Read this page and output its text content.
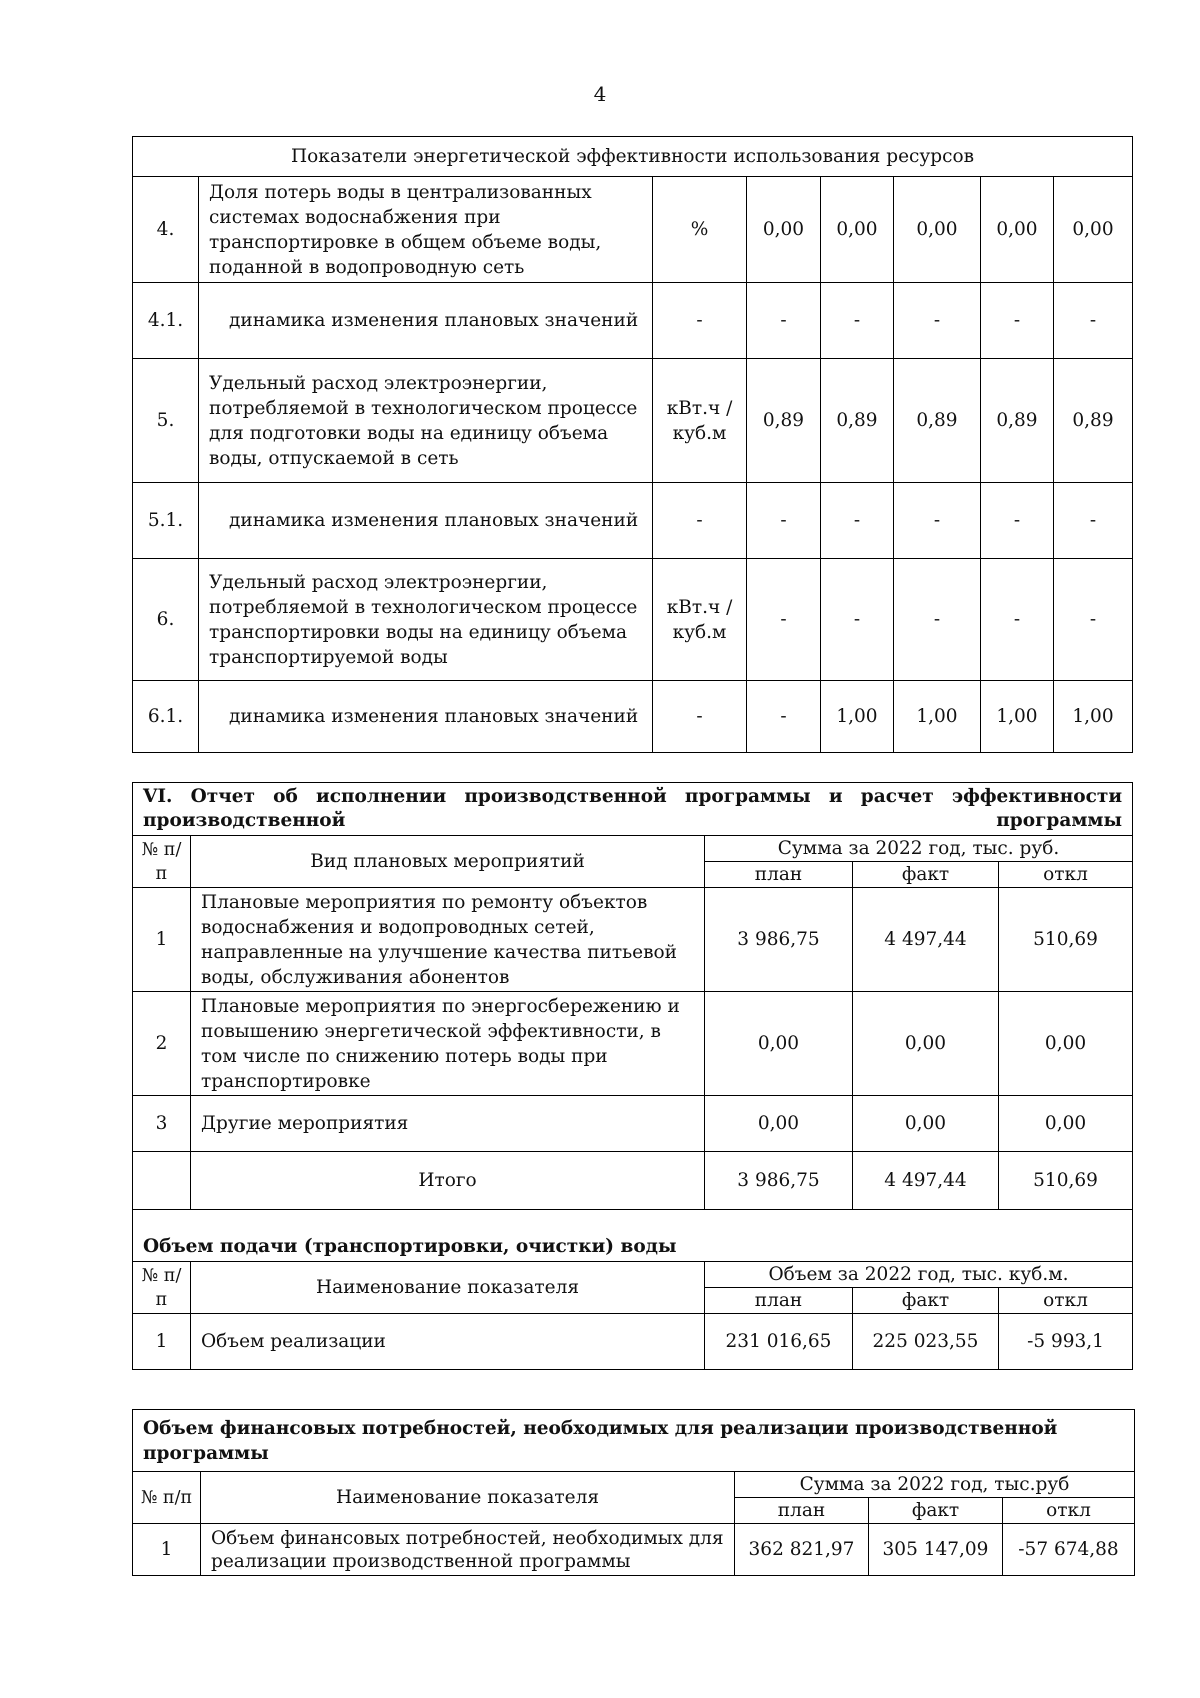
4
Показатели энергетической эффективности использования ресурсов							
4.	Доля потерь воды в централизованных системах водоснабжения при транспортировке в общем объеме воды, поданной в водопроводную сеть	%	0,00	0,00	0,00	0,00	0,00
4.1.	динамика изменения плановых значений	-	-	-	-	-	-
5.	Удельный расход электроэнергии, потребляемой в технологическом процессе для подготовки воды на единицу объема воды, отпускаемой в сеть	кВт.ч / куб.м	0,89	0,89	0,89	0,89	0,89
5.1.	динамика изменения плановых значений	-	-	-	-	-	-
6.	Удельный расход электроэнергии, потребляемой в технологическом процессе транспортировки воды на единицу объема транспортируемой воды	кВт.ч / куб.м	-	-	-	-	-
6.1.	динамика изменения плановых значений	-	-	1,00	1,00	1,00	1,00
VI. Отчет об исполнении производственной программы и расчет эффективности производственной программы				
№ п/п	Вид плановых мероприятий	Сумма за 2022 год, тыс. руб.		
		план	факт	откл
1	Плановые мероприятия по ремонту объектов водоснабжения и водопроводных сетей, направленные на улучшение качества питьевой воды, обслуживания абонентов	3 986,75	4 497,44	510,69
2	Плановые мероприятия по энергосбережению и повышению энергетической эффективности, в том числе по снижению потерь воды при транспортировке	0,00	0,00	0,00
3	Другие мероприятия	0,00	0,00	0,00
	Итого	3 986,75	4 497,44	510,69
Объем подачи (транспортировки, очистки) воды				
№ п/п	Наименование показателя	Объем за 2022 год, тыс. куб.м.		
		план	факт	откл
1	Объем реализации	231 016,65	225 023,55	-5 993,1
Объем финансовых потребностей, необходимых для реализации производственной программы				
№ п/п	Наименование показателя	Сумма за 2022 год, тыс.руб		
		план	факт	откл
1	Объем финансовых потребностей, необходимых для реализации производственной программы	362 821,97	305 147,09	-57 674,88
